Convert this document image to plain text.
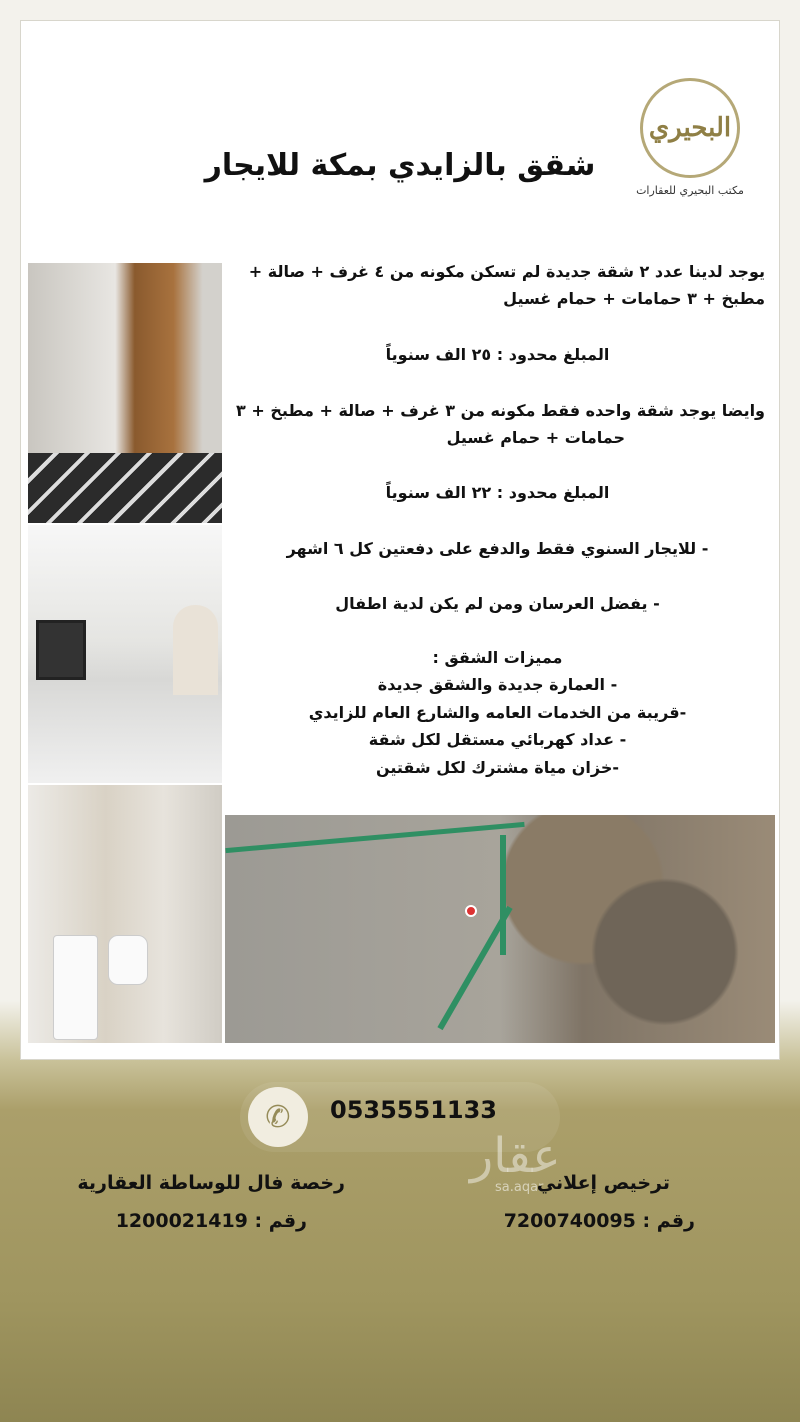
شقق بالزايدي بمكة للايجار
البحيري
مكتب البحيري للعقارات
يوجد لدينا عدد ٢ شقة جديدة لم تسكن مكونه من ٤ غرف + صالة +
مطبخ + ٣ حمامات + حمام غسيل
المبلغ محدود : ٢٥ الف سنوياً
وايضا يوجد شقة واحده فقط مكونه من ٣ غرف + صالة + مطبخ + ٣
حمامات + حمام غسيل
المبلغ محدود : ٢٢ الف سنوياً
- للايجار السنوي فقط والدفع على دفعتين كل ٦ اشهر
- يفضل العرسان ومن لم يكن لدية اطفال
مميزات الشقق :
- العمارة جديدة والشقق جديدة
-قريبة من الخدمات العامه والشارع العام للزايدي
- عداد كهربائي مستقل لكل شقة
-خزان مياة مشترك لكل شقتين
✆	0535551133
عقار
sa.aqar
رخصة فال للوساطة العقارية
رقم : 1200021419
ترخيص إعلاني
رقم : 7200740095
